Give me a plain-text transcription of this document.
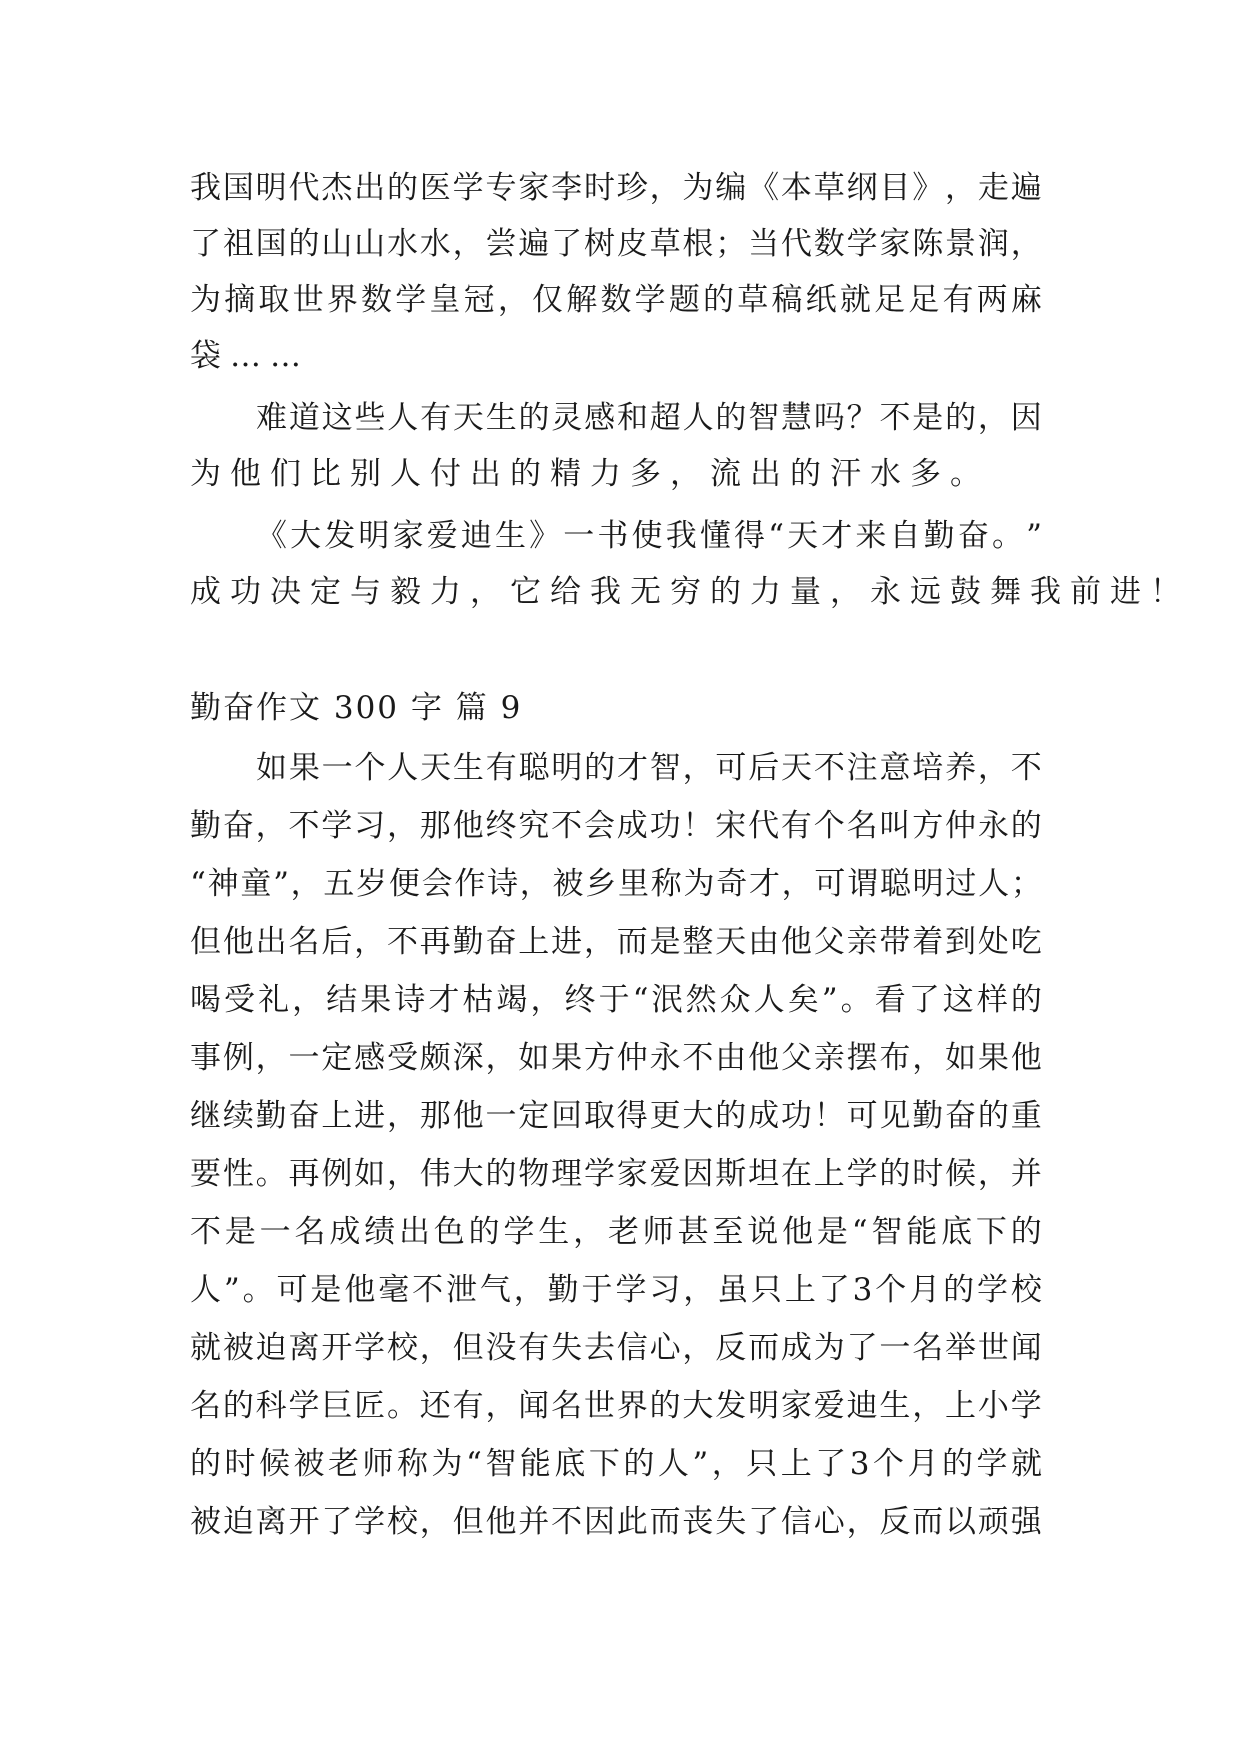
我 国 明 代 杰 出 的 医 学 专 家 李 时 珍 ， 为 编 《 本 草 纲 目 》 ， 走 遍
了 祖 国 的 山 山 水 水 ， 尝 遍 了 树 皮 草 根 ； 当 代 数 学 家 陈 景 润 ，
为 摘 取 世 界 数 学 皇 冠 ， 仅 解 数 学 题 的 草 稿 纸 就 足 足 有 两 麻
袋……
难 道 这 些 人 有 天 生 的 灵 感 和 超 人 的 智 慧 吗 ？ 不 是 的 ， 因
为他们比别人付出的精力多，流出的汗水多。
《 大 发 明 家 爱 迪 生 》 一 书 使 我 懂 得 “ 天 才 来 自 勤 奋 。 ”
成功决定与毅力，它给我无穷的力量，永远鼓舞我前进！
勤奋作文 300 字 篇 9
如 果 一 个 人 天 生 有 聪 明 的 才 智 ， 可 后 天 不 注 意 培 养 ， 不
勤 奋 ， 不 学 习 ， 那 他 终 究 不 会 成 功 ！ 宋 代 有 个 名 叫 方 仲 永 的
“ 神 童 ” ， 五 岁 便 会 作 诗 ， 被 乡 里 称 为 奇 才 ， 可 谓 聪 明 过 人 ；
但 他 出 名 后 ， 不 再 勤 奋 上 进 ， 而 是 整 天 由 他 父 亲 带 着 到 处 吃
喝 受 礼 ， 结 果 诗 才 枯 竭 ， 终 于 “ 泯 然 众 人 矣 ” 。 看 了 这 样 的
事 例 ， 一 定 感 受 颇 深 ， 如 果 方 仲 永 不 由 他 父 亲 摆 布 ， 如 果 他
继 续 勤 奋 上 进 ， 那 他 一 定 回 取 得 更 大 的 成 功 ！ 可 见 勤 奋 的 重
要 性 。 再 例 如 ， 伟 大 的 物 理 学 家 爱 因 斯 坦 在 上 学 的 时 候 ， 并
不 是 一 名 成 绩 出 色 的 学 生 ， 老 师 甚 至 说 他 是 “ 智 能 底 下 的
人 ” 。 可 是 他 毫 不 泄 气 ， 勤 于 学 习 ， 虽 只 上 了 3 个 月 的 学 校
就 被 迫 离 开 学 校 ， 但 没 有 失 去 信 心 ， 反 而 成 为 了 一 名 举 世 闻
名 的 科 学 巨 匠 。 还 有 ， 闻 名 世 界 的 大 发 明 家 爱 迪 生 ， 上 小 学
的 时 候 被 老 师 称 为 “ 智 能 底 下 的 人 ” ， 只 上 了 3 个 月 的 学 就
被 迫 离 开 了 学 校 ， 但 他 并 不 因 此 而 丧 失 了 信 心 ， 反 而 以 顽 强
